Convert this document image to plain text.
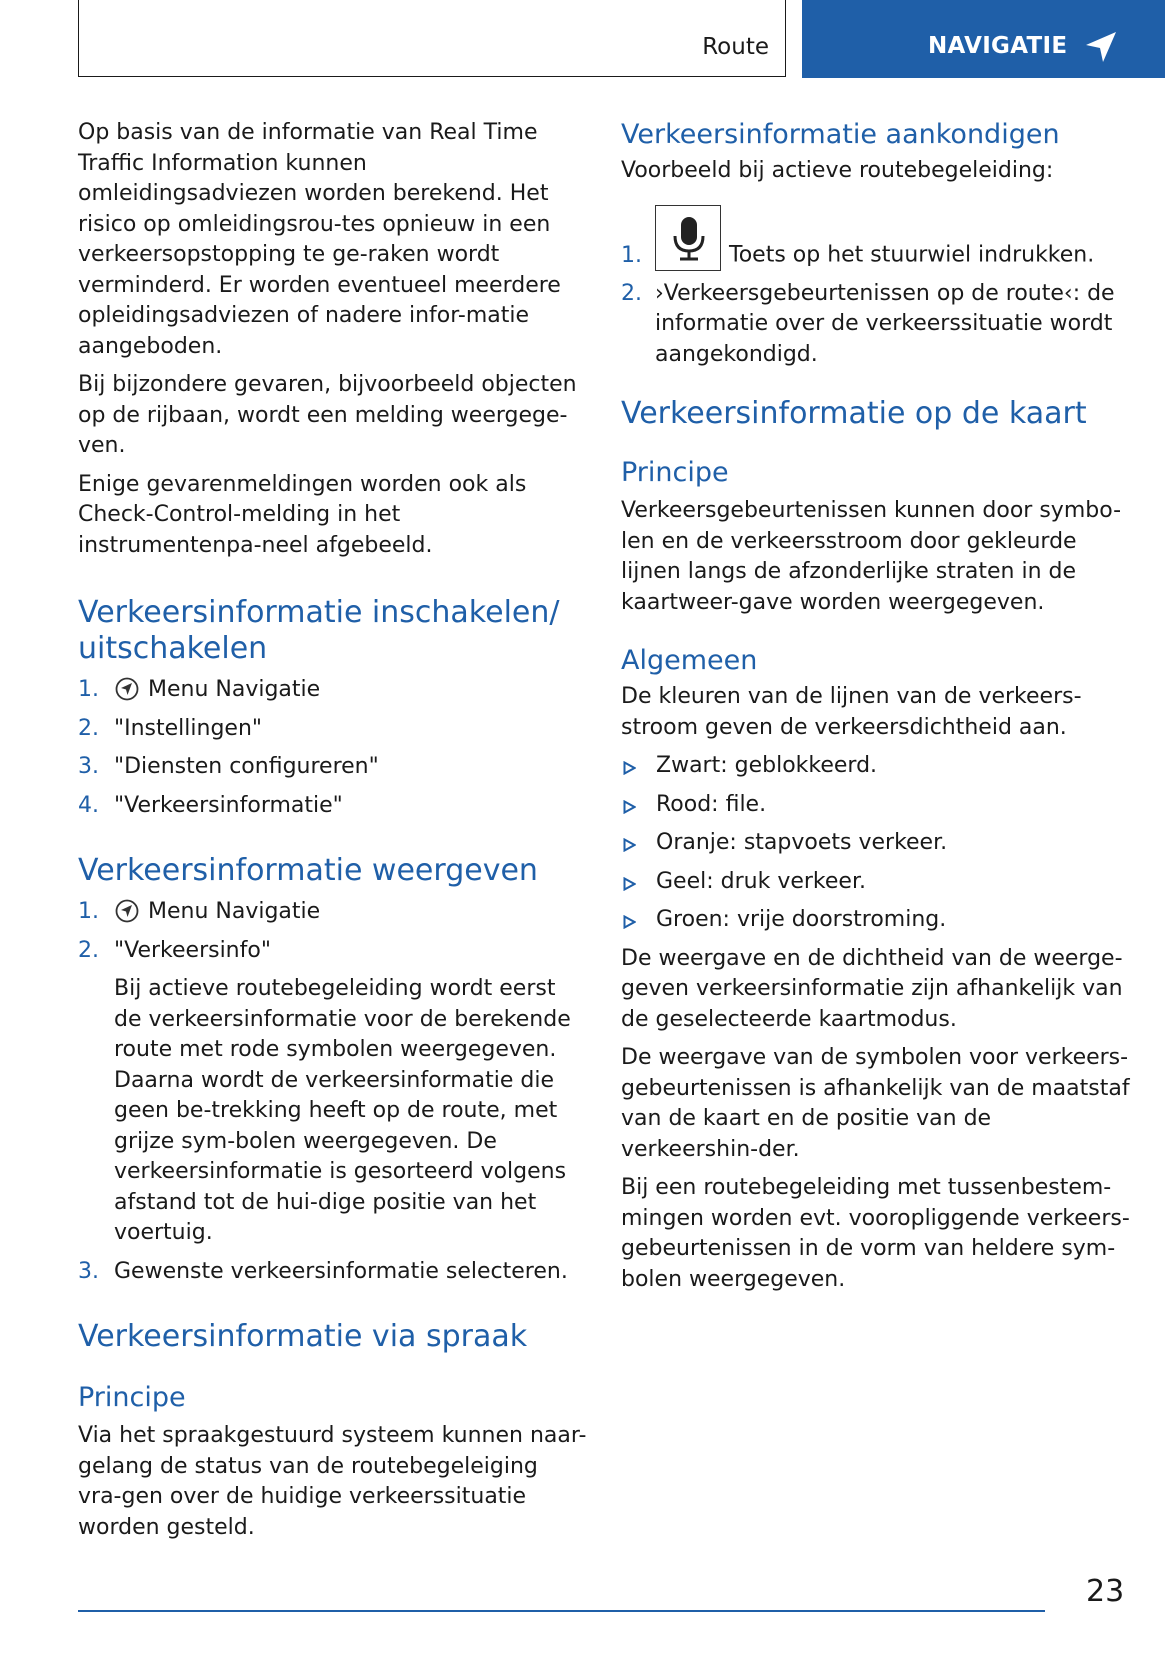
Route	NAVIGATIE

Op basis van de informatie van Real Time Traffic Information kunnen omleidingsadviezen worden berekend. Het risico op omleidingsrou-tes opnieuw in een verkeersopstopping te ge-raken wordt verminderd. Er worden eventueel meerdere opleidingsadviezen of nadere infor-matie aangeboden.

Bij bijzondere gevaren, bijvoorbeeld objecten op de rijbaan, wordt een melding weergege-ven.

Enige gevarenmeldingen worden ook als Check-Control-melding in het instrumentenpa-neel afgebeeld.

Verkeersinformatie inschakelen/ uitschakelen
1. Menu Navigatie
2. "Instellingen"
3. "Diensten configureren"
4. "Verkeersinformatie"
Verkeersinformatie weergeven
1. Menu Navigatie
2. "Verkeersinfo"
Bij actieve routebegeleiding wordt eerst de verkeersinformatie voor de berekende route met rode symbolen weergegeven. Daarna wordt de verkeersinformatie die geen be-trekking heeft op de route, met grijze sym-bolen weergegeven. De verkeersinformatie is gesorteerd volgens afstand tot de hui-dige positie van het voertuig.
3. Gewenste verkeersinformatie selecteren.
Verkeersinformatie via spraak
Principe

Via het spraakgestuurd systeem kunnen naar-gelang de status van de routebegeleiging vra-gen over de huidige verkeerssituatie worden gesteld.

Verkeersinformatie aankondigen

Voorbeeld bij actieve routebegeleiding:

1.	Toets op het stuurwiel indrukken.
2. ›Verkeersgebeurtenissen op de route‹: de informatie over de verkeerssituatie wordt aangekondigd.
Verkeersinformatie op de kaart
Principe

Verkeersgebeurtenissen kunnen door symbo-len en de verkeersstroom door gekleurde lijnen langs de afzonderlijke straten in de kaartweer-gave worden weergegeven.

Algemeen

De kleuren van de lijnen van de verkeers-stroom geven de verkeersdichtheid aan.

Zwart: geblokkeerd.
Rood: file.
Oranje: stapvoets verkeer.
Geel: druk verkeer.
Groen: vrije doorstroming.

De weergave en de dichtheid van de weerge-geven verkeersinformatie zijn afhankelijk van de geselecteerde kaartmodus.

De weergave van de symbolen voor verkeers-gebeurtenissen is afhankelijk van de maatstaf van de kaart en de positie van de verkeershin-der.

Bij een routebegeleiding met tussenbestem-mingen worden evt. vooropliggende verkeers-gebeurtenissen in de vorm van heldere sym-bolen weergegeven.

23
